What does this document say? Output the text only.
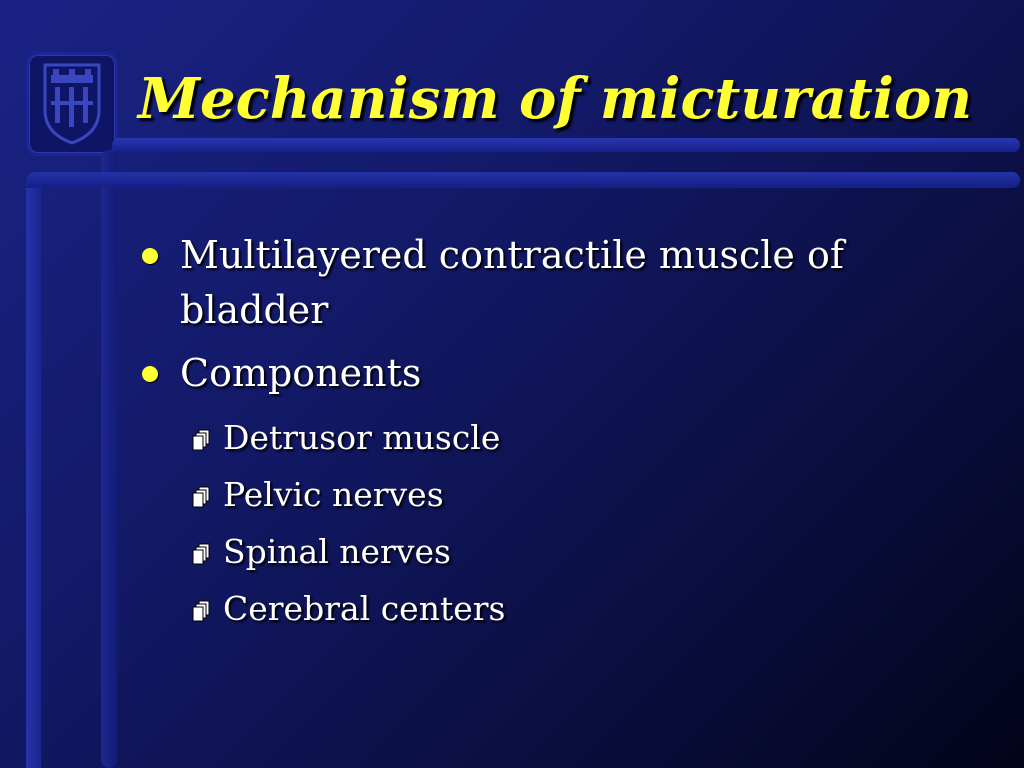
Mechanism of micturation
Multilayered contractile muscle of bladder
Components
Detrusor muscle
Pelvic nerves
Spinal nerves
Cerebral centers
